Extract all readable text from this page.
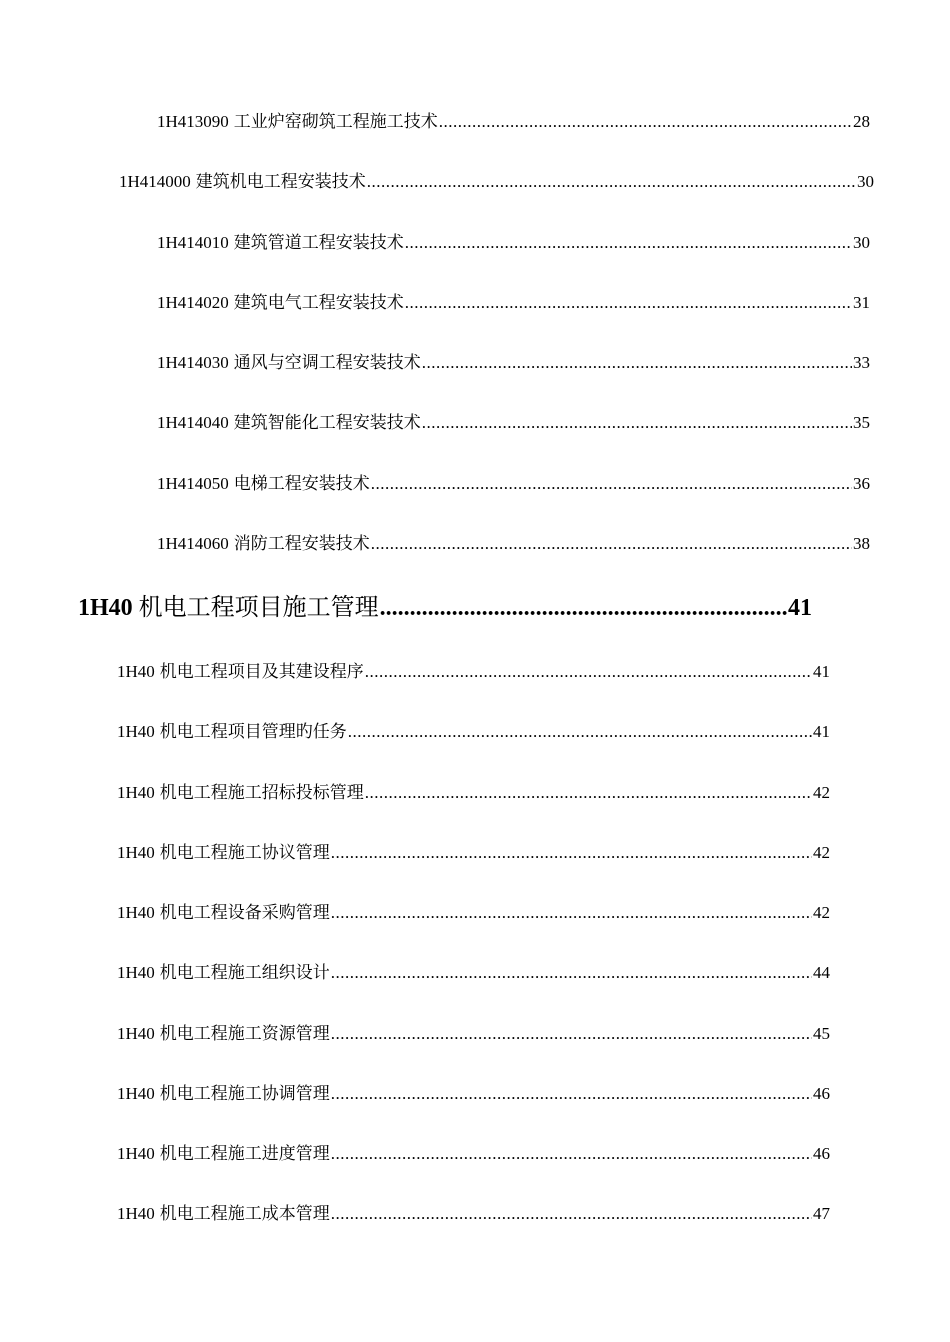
1H413090 工业炉窑砌筑工程施工技术 .....	28
1H414000 建筑机电工程安装技术 .....	30
1H414010 建筑管道工程安装技术 .....	30
1H414020 建筑电气工程安装技术 .....	31
1H414030 通风与空调工程安装技术 .....	33
1H414040 建筑智能化工程安装技术 .....	35
1H414050 电梯工程安装技术 .....	36
1H414060 消防工程安装技术 .....	38
1H40 机电工程项目施工管理 .....	41
1H40 机电工程项目及其建设程序 .....	41
1H40 机电工程项目管理旳任务 .....	41
1H40 机电工程施工招标投标管理 .....	42
1H40 机电工程施工协议管理 .....	42
1H40 机电工程设备采购管理 .....	42
1H40 机电工程施工组织设计 .....	44
1H40 机电工程施工资源管理 .....	45
1H40 机电工程施工协调管理 .....	46
1H40 机电工程施工进度管理 .....	46
1H40 机电工程施工成本管理 .....	47
